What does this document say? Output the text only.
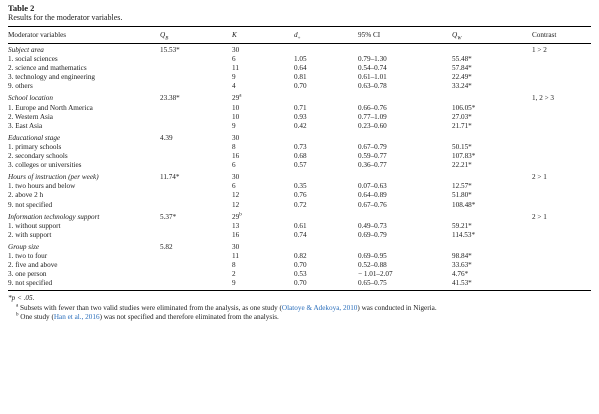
Table 2
Results for the moderator variables.
Moderator variables	$Q_B$	K	$d_+$	95% CI	$Q_W$	Contrast
Subject area	15.53*	30				1 > 2
1. social sciences		6	1.05	0.79–1.30	55.48*	
2. science and mathematics		11	0.64	0.54–0.74	57.84*	
3. technology and engineering		9	0.81	0.61–1.01	22.49*	
9. others		4	0.70	0.63–0.78	33.24*	
School location	23.38*	29$^a$				1, 2 > 3
1. Europe and North America		10	0.71	0.66–0.76	106.05*	
2. Western Asia		10	0.93	0.77–1.09	27.03*	
3. East Asia		9	0.42	0.23–0.60	21.71*	
Educational stage	4.39	30				
1. primary schools		8	0.73	0.67–0.79	50.15*	
2. secondary schools		16	0.68	0.59–0.77	107.83*	
3. colleges or universities		6	0.57	0.36–0.77	22.21*	
Hours of instruction (per week)	11.74*	30				2 > 1
1. two hours and below		6	0.35	0.07–0.63	12.57*	
2. above 2 h		12	0.76	0.64–0.89	51.80*	
9. not specified		12	0.72	0.67–0.76	108.48*	
Information technology support	5.37*	29$^b$				2 > 1
1. without support		13	0.61	0.49–0.73	59.21*	
2. with support		16	0.74	0.69–0.79	114.53*	
Group size	5.82	30				
1. two to four		11	0.82	0.69–0.95	98.84*	
2. five and above		8	0.70	0.52–0.88	33.63*	
3. one person		2	0.53	− 1.01–2.07	4.76*	
9. not specified		9	0.70	0.65–0.75	41.53*	
*p < .05.
$^a$ Subsets with fewer than two valid studies were eliminated from the analysis, as one study (Olatoye & Adekoya, 2010) was conducted in Nigeria.
$^b$ One study (Han et al., 2016) was not specified and therefore eliminated from the analysis.
